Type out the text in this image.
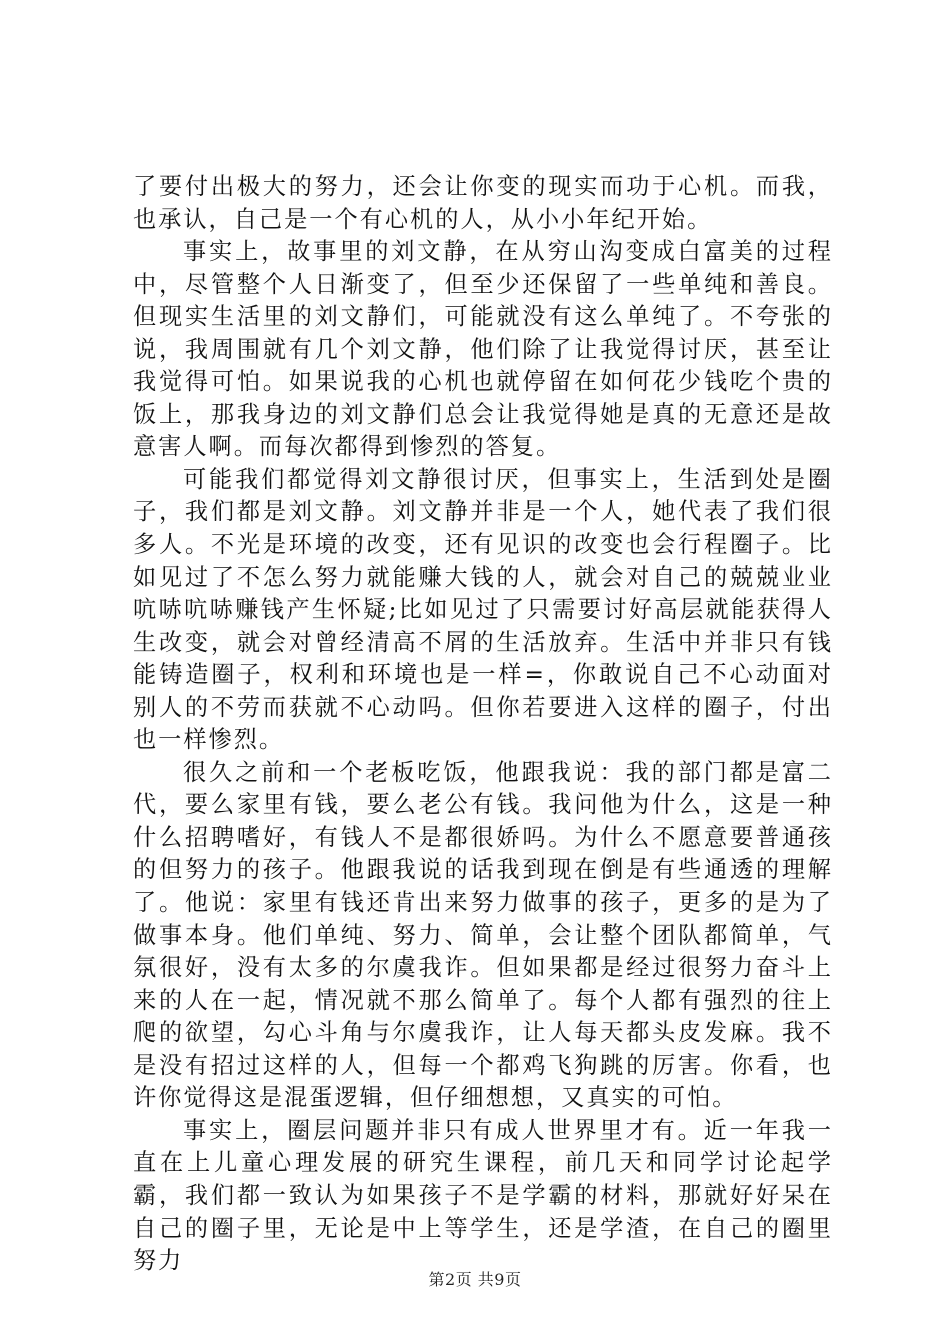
了要付出极大的努力，还会让你变的现实而功于心机。而我，也承认，自己是一个有心机的人，从小小年纪开始。

事实上，故事里的刘文静，在从穷山沟变成白富美的过程中，尽管整个人日渐变了，但至少还保留了一些单纯和善良。但现实生活里的刘文静们，可能就没有这么单纯了。不夸张的说，我周围就有几个刘文静，他们除了让我觉得讨厌，甚至让我觉得可怕。如果说我的心机也就停留在如何花少钱吃个贵的饭上，那我身边的刘文静们总会让我觉得她是真的无意还是故意害人啊。而每次都得到惨烈的答复。

可能我们都觉得刘文静很讨厌，但事实上，生活到处是圈子，我们都是刘文静。刘文静并非是一个人，她代表了我们很多人。不光是环境的改变，还有见识的改变也会行程圈子。比如见过了不怎么努力就能赚大钱的人，就会对自己的兢兢业业吭哧吭哧赚钱产生怀疑;比如见过了只需要讨好高层就能获得人生改变，就会对曾经清高不屑的生活放弃。生活中并非只有钱能铸造圈子，权利和环境也是一样=，你敢说自己不心动面对别人的不劳而获就不心动吗。但你若要进入这样的圈子，付出也一样惨烈。

很久之前和一个老板吃饭，他跟我说：我的部门都是富二代，要么家里有钱，要么老公有钱。我问他为什么，这是一种什么招聘嗜好，有钱人不是都很娇吗。为什么不愿意要普通孩的但努力的孩子。他跟我说的话我到现在倒是有些通透的理解了。他说：家里有钱还肯出来努力做事的孩子，更多的是为了做事本身。他们单纯、努力、简单，会让整个团队都简单，气氛很好，没有太多的尔虞我诈。但如果都是经过很努力奋斗上来的人在一起，情况就不那么简单了。每个人都有强烈的往上爬的欲望，勾心斗角与尔虞我诈，让人每天都头皮发麻。我不是没有招过这样的人，但每一个都鸡飞狗跳的厉害。你看，也许你觉得这是混蛋逻辑，但仔细想想，又真实的可怕。

事实上，圈层问题并非只有成人世界里才有。近一年我一直在上儿童心理发展的研究生课程，前几天和同学讨论起学霸，我们都一致认为如果孩子不是学霸的材料，那就好好呆在自己的圈子里，无论是中上等学生，还是学渣，在自己的圈里努力

第2页 共9页
